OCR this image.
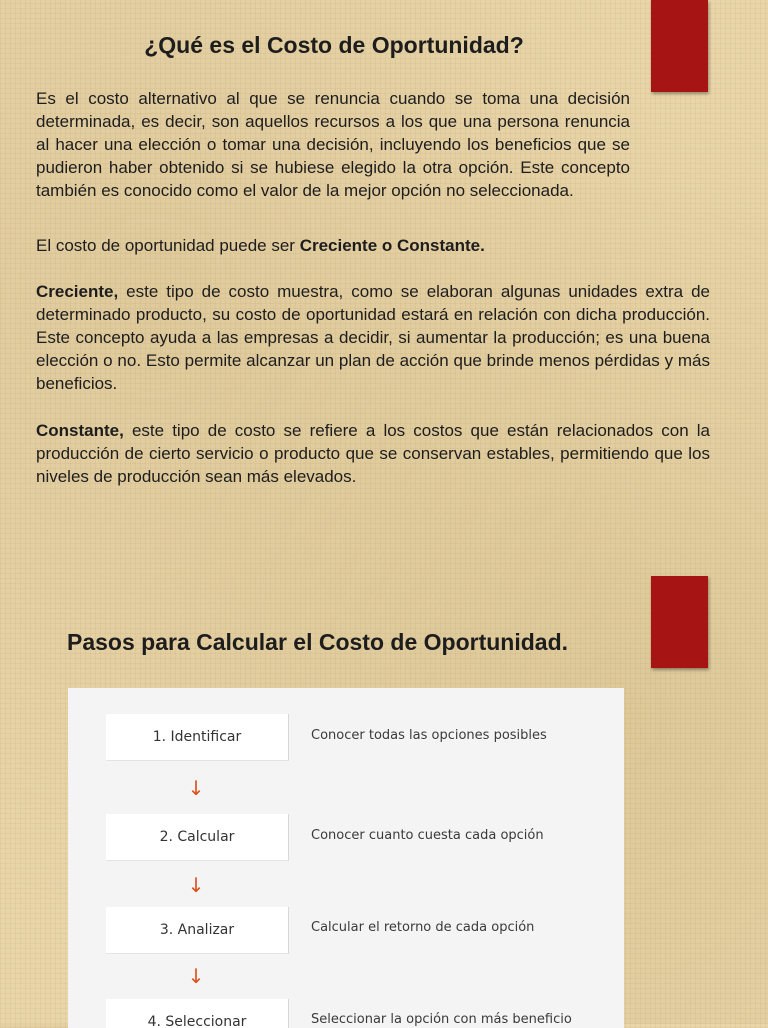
¿Qué es el Costo de Oportunidad?

Es el costo alternativo al que se renuncia cuando se toma una decisión determinada, es decir, son aquellos recursos a los que una persona renuncia al hacer una elección o tomar una decisión, incluyendo los beneficios que se pudieron haber obtenido si se hubiese elegido la otra opción. Este concepto también es conocido como el valor de la mejor opción no seleccionada.

El costo de oportunidad puede ser Creciente o Constante.

Creciente, este tipo de costo muestra, como se elaboran algunas unidades extra de determinado producto, su costo de oportunidad estará en relación con dicha producción. Este concepto ayuda a las empresas a decidir, si aumentar la producción; es una buena elección o no. Esto permite alcanzar un plan de acción que brinde menos pérdidas y más beneficios.

Constante, este tipo de costo se refiere a los costos que están relacionados con la producción de cierto servicio o producto que se conservan estables, permitiendo que los niveles de producción sean más elevados.

Pasos para Calcular el Costo de Oportunidad.
1. Identificar	Conocer todas las opciones posibles
↓
2. Calcular	Conocer cuanto cuesta cada opción
↓
3. Analizar	Calcular el retorno de cada opción
↓
4. Seleccionar	Seleccionar la opción con más beneficio
